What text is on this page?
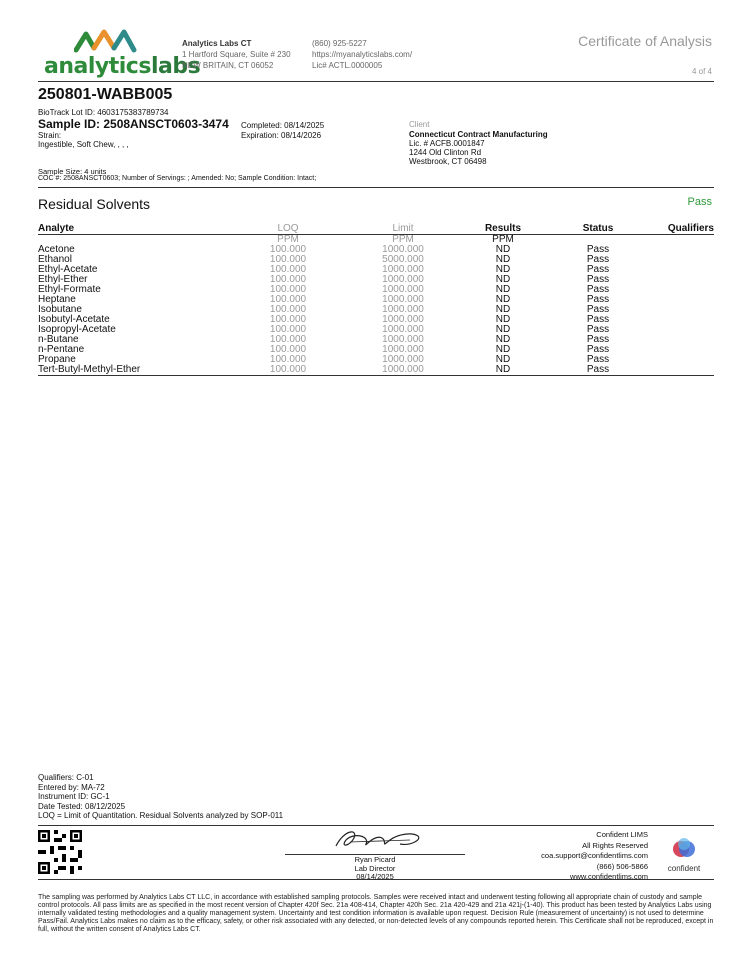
analyticslabs
Analytics Labs CT
1 Hartford Square, Suite # 230
NEW BRITAIN, CT 06052
(860) 925-5227
https://myanalyticslabs.com/
Lic# ACTL.0000005
Certificate of Analysis
4 of 4
250801-WABB005
BioTrack Lot ID: 4603175383789734
Sample ID: 2508ANSCT0603-3474
Strain:
Ingestible, Soft Chew, , , ,
Completed: 08/14/2025
Expiration: 08/14/2026
Client
Connecticut Contract Manufacturing
Lic. # ACFB.0001847
1244 Old Clinton Rd
Westbrook, CT 06498
Sample Size: 4 units
COC #: 2508ANSCT0603; Number of Servings: ; Amended: No; Sample Condition: Intact;
Residual Solvents	Pass
Analyte	LOQ	Limit	Results	Status	Qualifiers
	PPM	PPM	PPM		
Acetone	100.000	1000.000	ND	Pass	
Ethanol	100.000	5000.000	ND	Pass	
Ethyl-Acetate	100.000	1000.000	ND	Pass	
Ethyl-Ether	100.000	1000.000	ND	Pass	
Ethyl-Formate	100.000	1000.000	ND	Pass	
Heptane	100.000	1000.000	ND	Pass	
Isobutane	100.000	1000.000	ND	Pass	
Isobutyl-Acetate	100.000	1000.000	ND	Pass	
Isopropyl-Acetate	100.000	1000.000	ND	Pass	
n-Butane	100.000	1000.000	ND	Pass	
n-Pentane	100.000	1000.000	ND	Pass	
Propane	100.000	1000.000	ND	Pass	
Tert-Butyl-Methyl-Ether	100.000	1000.000	ND	Pass	
Qualifiers: C-01
Entered by: MA-72
Instrument ID: GC-1
Date Tested: 08/12/2025
LOQ = Limit of Quantitation. Residual Solvents analyzed by SOP-011
Ryan Picard
Lab Director
08/14/2025
Confident LIMS
All Rights Reserved
coa.support@confidentlims.com
(866) 506-5866
www.confidentlims.com
confident
The sampling was performed by Analytics Labs CT LLC, in accordance with established sampling protocols. Samples were received intact and underwent testing following all appropriate chain of custody and sample control protocols. All pass limits are as specified in the most recent version of Chapter 420f Sec. 21a 408-414, Chapter 420h Sec. 21a 420-429 and 21a 421j-(1-40). This product has been tested by Analytics Labs using internally validated testing methodologies and a quality management system. Uncertainty and test condition information is available upon request. Decision Rule (measurement of uncertainty) is not used to determine Pass/Fail. Analytics Labs makes no claim as to the efficacy, safety, or other risk associated with any detected, or non-detected levels of any compounds reported herein. This Certificate shall not be reproduced, except in full, without the written consent of Analytics Labs CT.
